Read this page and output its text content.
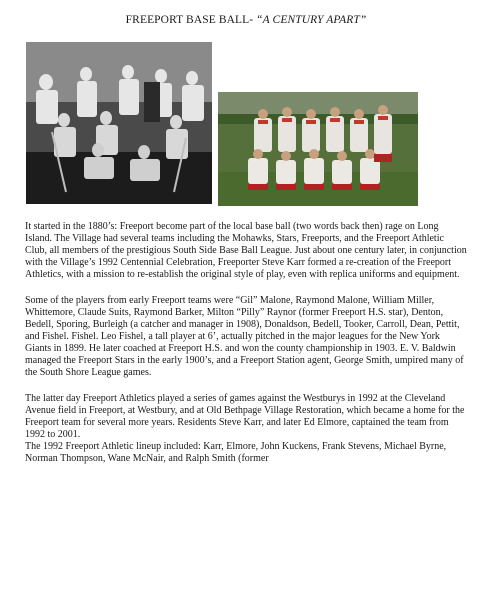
FREEPORT BASE BALL- “A CENTURY APART”

It started in the 1880’s: Freeport become part of the local base ball (two words back then) rage on Long Island. The Village had several teams including the Mohawks, Stars, Freeports, and the Freeport Athletic Club, all members of the prestigious South Side Base Ball League. Just about one century later, in conjunction with the Village’s 1992 Centennial Celebration, Freeporter Steve Karr formed a re-creation of the Freeport Athletics, with a mission to re-establish the original style of play, even with replica uniforms and equipment.

Some of the players from early Freeport teams were “Gil” Malone, Raymond Malone, William Miller, Whittemore, Claude Suits, Raymond Barker, Milton “Pilly” Raynor (former Freeport H.S. star), Denton, Bedell, Sporing, Burleigh (a catcher and manager in 1908), Donaldson, Bedell, Tooker, Carroll, Dean, Pettit, and Fishel. Fishel. Leo Fishel, a tall player at 6’, actually pitched in the major leagues for the New York Giants in 1899. He later coached at Freeport H.S. and won the county championship in 1903. E. V. Baldwin managed the Freeport Stars in the early 1900’s, and a Freeport Station agent, George Smith, umpired many of the South Shore League games.

The latter day Freeport Athletics played a series of games against the Westburys in 1992 at the Cleveland Avenue field in Freeport, at Westbury, and at Old Bethpage Village Restoration, which became a home for the Freeport team for several more years. Residents Steve Karr, and later Ed Elmore, captained the team from 1992 to 2001.

The 1992 Freeport Athletic lineup included: Karr, Elmore, John Kuckens, Frank Stevens, Michael Byrne, Norman Thompson, Wane McNair, and Ralph Smith (former
